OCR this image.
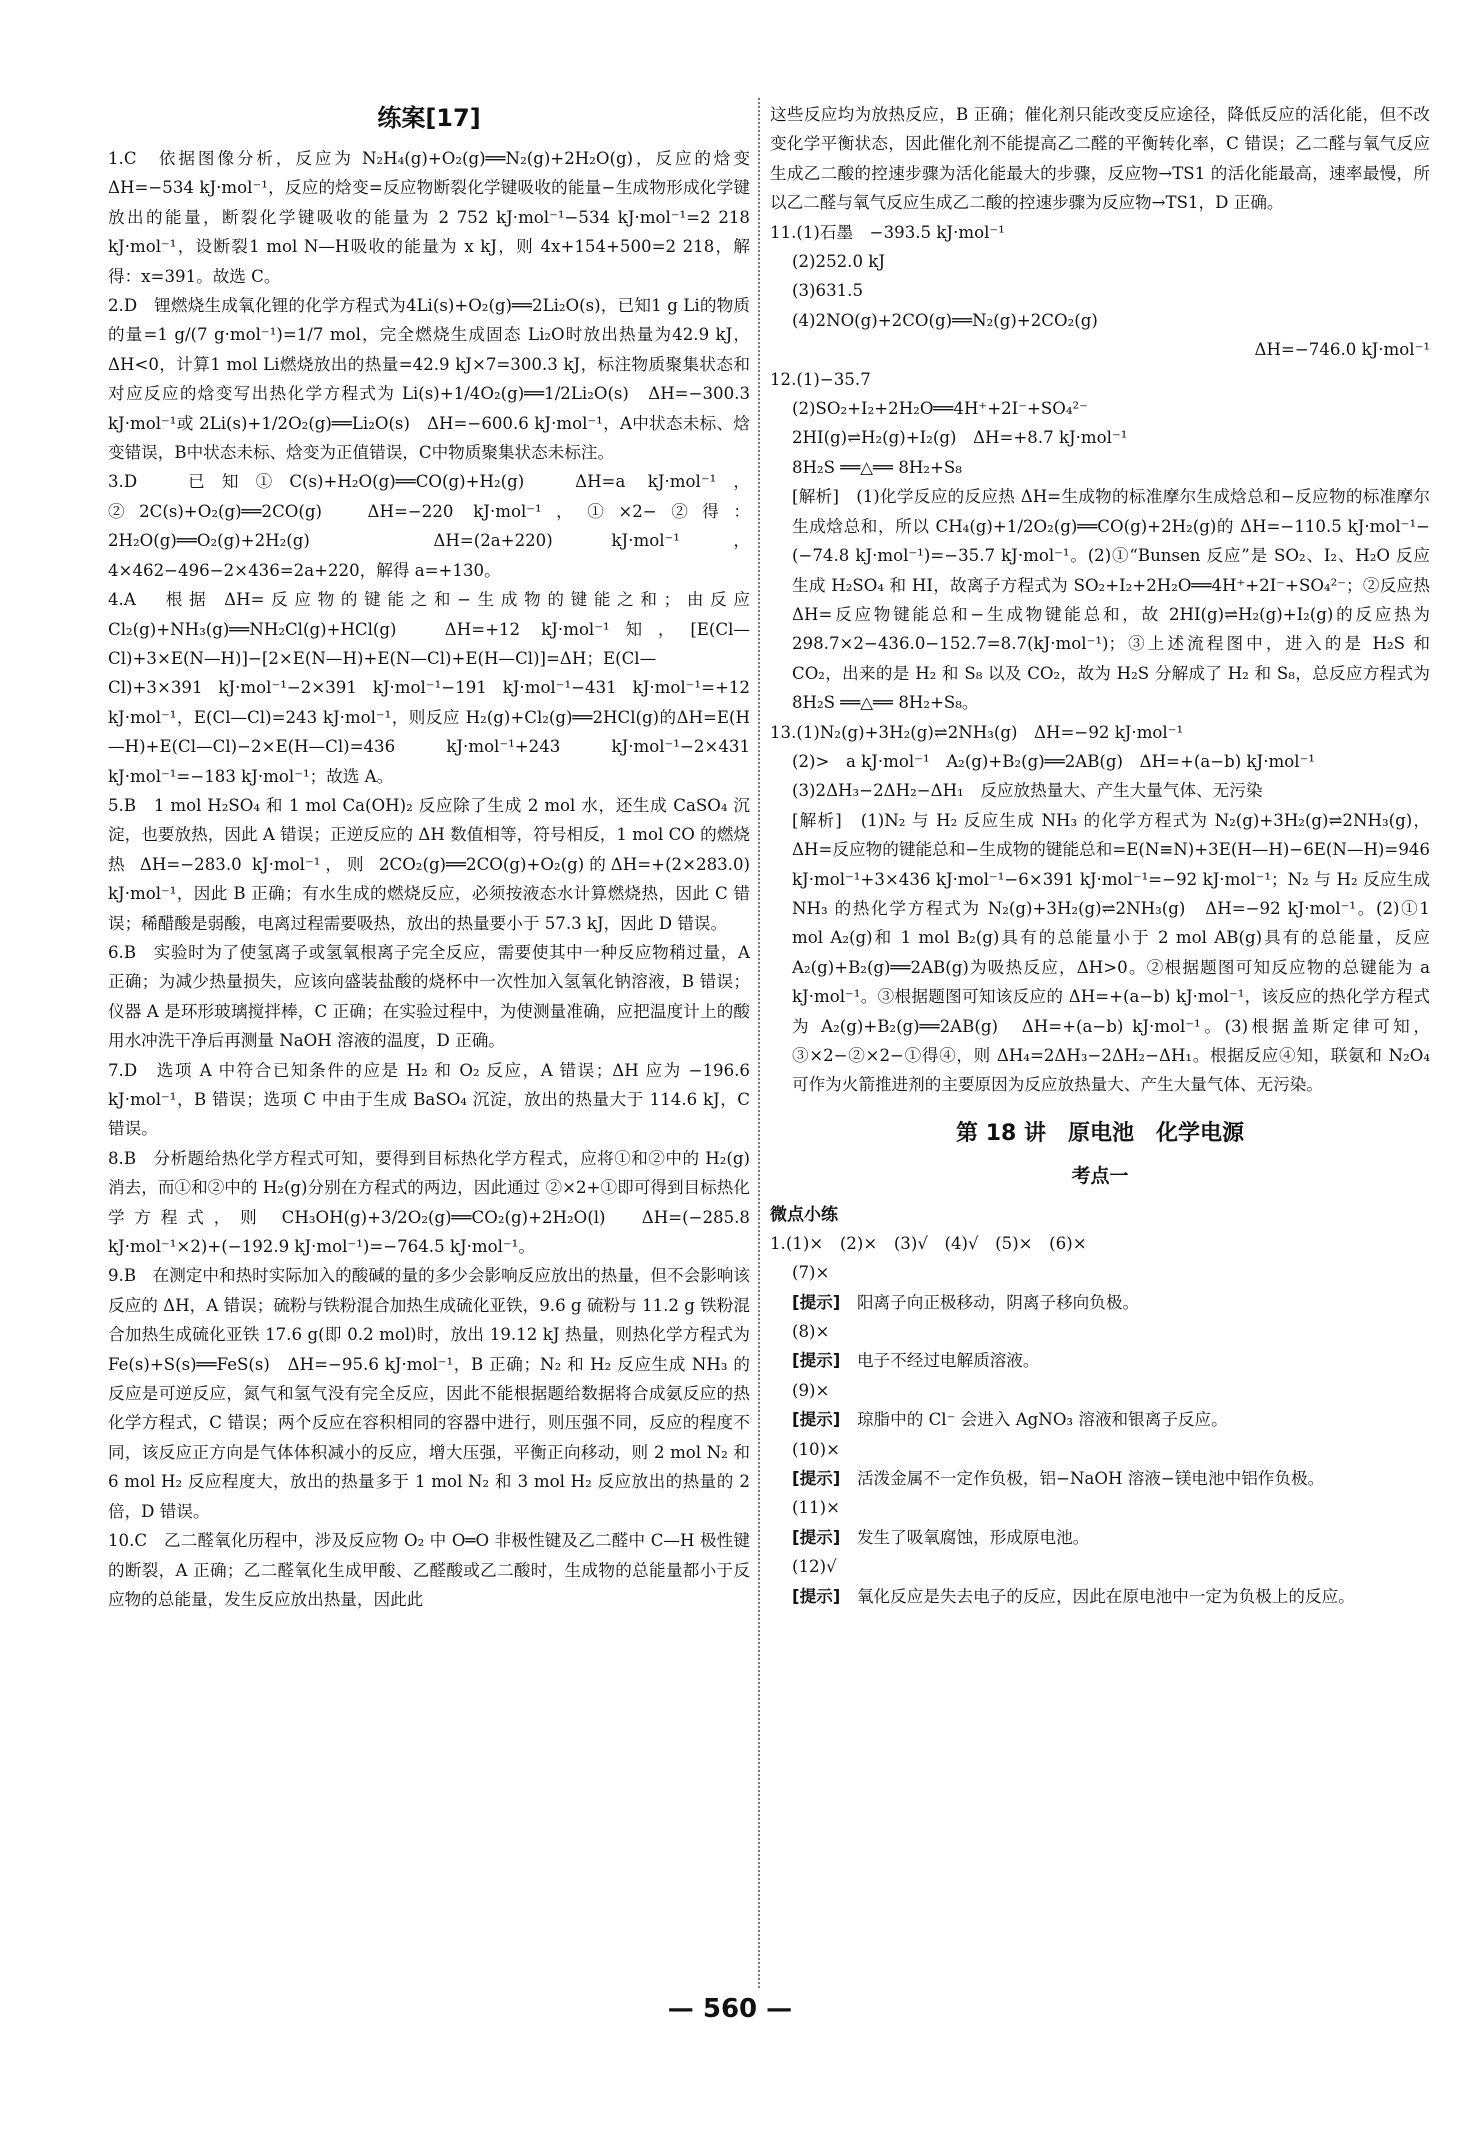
练案[17]

1.C　依据图像分析，反应为 N₂H₄(g)+O₂(g)══N₂(g)+2H₂O(g)，反应的焓变 ΔH=−534 kJ·mol⁻¹，反应的焓变=反应物断裂化学键吸收的能量−生成物形成化学键放出的能量，断裂化学键吸收的能量为 2 752 kJ·mol⁻¹−534 kJ·mol⁻¹=2 218 kJ·mol⁻¹，设断裂1 mol N—H吸收的能量为 x kJ，则 4x+154+500=2 218，解得：x=391。故选 C。

2.D　锂燃烧生成氧化锂的化学方程式为4Li(s)+O₂(g)══2Li₂O(s)，已知1 g Li的物质的量=1 g/(7 g·mol⁻¹)=1/7 mol，完全燃烧生成固态 Li₂O时放出热量为42.9 kJ，ΔH<0，计算1 mol Li燃烧放出的热量=42.9 kJ×7=300.3 kJ，标注物质聚集状态和对应反应的焓变写出热化学方程式为 Li(s)+1/4O₂(g)══1/2Li₂O(s)　ΔH=−300.3 kJ·mol⁻¹或 2Li(s)+1/2O₂(g)══Li₂O(s)　ΔH=−600.6 kJ·mol⁻¹，A中状态未标、焓变错误，B中状态未标、焓变为正值错误，C中物质聚集状态未标注。

3.D　已知①C(s)+H₂O(g)══CO(g)+H₂(g)　ΔH=a kJ·mol⁻¹，②2C(s)+O₂(g)══2CO(g)　ΔH=−220 kJ·mol⁻¹，①×2−②得：2H₂O(g)══O₂(g)+2H₂(g)　ΔH=(2a+220) kJ·mol⁻¹，4×462−496−2×436=2a+220，解得 a=+130。

4.A　根据 ΔH=反应物的键能之和−生成物的键能之和；由反应 Cl₂(g)+NH₃(g)══NH₂Cl(g)+HCl(g)　ΔH=+12 kJ·mol⁻¹知，[E(Cl—Cl)+3×E(N—H)]−[2×E(N—H)+E(N—Cl)+E(H—Cl)]=ΔH；E(Cl—Cl)+3×391 kJ·mol⁻¹−2×391 kJ·mol⁻¹−191 kJ·mol⁻¹−431 kJ·mol⁻¹=+12 kJ·mol⁻¹，E(Cl—Cl)=243 kJ·mol⁻¹，则反应 H₂(g)+Cl₂(g)══2HCl(g)的ΔH=E(H—H)+E(Cl—Cl)−2×E(H—Cl)=436 kJ·mol⁻¹+243 kJ·mol⁻¹−2×431 kJ·mol⁻¹=−183 kJ·mol⁻¹；故选 A。

5.B　1 mol H₂SO₄ 和 1 mol Ca(OH)₂ 反应除了生成 2 mol 水，还生成 CaSO₄ 沉淀，也要放热，因此 A 错误；正逆反应的 ΔH 数值相等，符号相反，1 mol CO 的燃烧热 ΔH=−283.0 kJ·mol⁻¹，则 2CO₂(g)══2CO(g)+O₂(g)的ΔH=+(2×283.0) kJ·mol⁻¹，因此 B 正确；有水生成的燃烧反应，必须按液态水计算燃烧热，因此 C 错误；稀醋酸是弱酸，电离过程需要吸热，放出的热量要小于 57.3 kJ，因此 D 错误。

6.B　实验时为了使氢离子或氢氧根离子完全反应，需要使其中一种反应物稍过量，A 正确；为减少热量损失，应该向盛装盐酸的烧杯中一次性加入氢氧化钠溶液，B 错误；仪器 A 是环形玻璃搅拌棒，C 正确；在实验过程中，为使测量准确，应把温度计上的酸用水冲洗干净后再测量 NaOH 溶液的温度，D 正确。

7.D　选项 A 中符合已知条件的应是 H₂ 和 O₂ 反应，A 错误；ΔH 应为 −196.6 kJ·mol⁻¹，B 错误；选项 C 中由于生成 BaSO₄ 沉淀，放出的热量大于 114.6 kJ，C 错误。

8.B　分析题给热化学方程式可知，要得到目标热化学方程式，应将①和②中的 H₂(g)消去，而①和②中的 H₂(g)分别在方程式的两边，因此通过 ②×2+①即可得到目标热化学方程式，则 CH₃OH(g)+3/2O₂(g)══CO₂(g)+2H₂O(l)　ΔH=(−285.8 kJ·mol⁻¹×2)+(−192.9 kJ·mol⁻¹)=−764.5 kJ·mol⁻¹。

9.B　在测定中和热时实际加入的酸碱的量的多少会影响反应放出的热量，但不会影响该反应的 ΔH，A 错误；硫粉与铁粉混合加热生成硫化亚铁，9.6 g 硫粉与 11.2 g 铁粉混合加热生成硫化亚铁 17.6 g(即 0.2 mol)时，放出 19.12 kJ 热量，则热化学方程式为 Fe(s)+S(s)══FeS(s)　ΔH=−95.6 kJ·mol⁻¹，B 正确；N₂ 和 H₂ 反应生成 NH₃ 的反应是可逆反应，氮气和氢气没有完全反应，因此不能根据题给数据将合成氨反应的热化学方程式，C 错误；两个反应在容积相同的容器中进行，则压强不同，反应的程度不同，该反应正方向是气体体积减小的反应，增大压强，平衡正向移动，则 2 mol N₂ 和 6 mol H₂ 反应程度大，放出的热量多于 1 mol N₂ 和 3 mol H₂ 反应放出的热量的 2 倍，D 错误。

10.C　乙二醛氧化历程中，涉及反应物 O₂ 中 O═O 非极性键及乙二醛中 C—H 极性键的断裂，A 正确；乙二醛氧化生成甲酸、乙醛酸或乙二酸时，生成物的总能量都小于反应物的总能量，发生反应放出热量，因此此

这些反应均为放热反应，B 正确；催化剂只能改变反应途径，降低反应的活化能，但不改变化学平衡状态，因此催化剂不能提高乙二醛的平衡转化率，C 错误；乙二醛与氧气反应生成乙二酸的控速步骤为活化能最大的步骤，反应物→TS1 的活化能最高，速率最慢，所以乙二醛与氧气反应生成乙二酸的控速步骤为反应物→TS1，D 正确。

11.(1)石墨　−393.5 kJ·mol⁻¹

(2)252.0 kJ

(3)631.5

(4)2NO(g)+2CO(g)══N₂(g)+2CO₂(g)

ΔH=−746.0 kJ·mol⁻¹

12.(1)−35.7

(2)SO₂+I₂+2H₂O══4H⁺+2I⁻+SO₄²⁻

2HI(g)⇌H₂(g)+I₂(g)　ΔH=+8.7 kJ·mol⁻¹

8H₂S ══△══ 8H₂+S₈

[解析]　(1)化学反应的反应热 ΔH=生成物的标准摩尔生成焓总和−反应物的标准摩尔生成焓总和，所以 CH₄(g)+1/2O₂(g)══CO(g)+2H₂(g)的 ΔH=−110.5 kJ·mol⁻¹−(−74.8 kJ·mol⁻¹)=−35.7 kJ·mol⁻¹。(2)①“Bunsen 反应”是 SO₂、I₂、H₂O 反应生成 H₂SO₄ 和 HI，故离子方程式为 SO₂+I₂+2H₂O══4H⁺+2I⁻+SO₄²⁻；②反应热 ΔH=反应物键能总和−生成物键能总和，故 2HI(g)⇌H₂(g)+I₂(g)的反应热为 298.7×2−436.0−152.7=8.7(kJ·mol⁻¹)；③上述流程图中，进入的是 H₂S 和 CO₂，出来的是 H₂ 和 S₈ 以及 CO₂，故为 H₂S 分解成了 H₂ 和 S₈，总反应方程式为 8H₂S ══△══ 8H₂+S₈。

13.(1)N₂(g)+3H₂(g)⇌2NH₃(g)　ΔH=−92 kJ·mol⁻¹

(2)>　a kJ·mol⁻¹　A₂(g)+B₂(g)══2AB(g)　ΔH=+(a−b) kJ·mol⁻¹

(3)2ΔH₃−2ΔH₂−ΔH₁　反应放热量大、产生大量气体、无污染

[解析]　(1)N₂ 与 H₂ 反应生成 NH₃ 的化学方程式为 N₂(g)+3H₂(g)⇌2NH₃(g)，ΔH=反应物的键能总和−生成物的键能总和=E(N≡N)+3E(H—H)−6E(N—H)=946 kJ·mol⁻¹+3×436 kJ·mol⁻¹−6×391 kJ·mol⁻¹=−92 kJ·mol⁻¹；N₂ 与 H₂ 反应生成 NH₃ 的热化学方程式为 N₂(g)+3H₂(g)⇌2NH₃(g)　ΔH=−92 kJ·mol⁻¹。(2)①1 mol A₂(g)和 1 mol B₂(g)具有的总能量小于 2 mol AB(g)具有的总能量，反应 A₂(g)+B₂(g)══2AB(g)为吸热反应，ΔH>0。②根据题图可知反应物的总键能为 a kJ·mol⁻¹。③根据题图可知该反应的 ΔH=+(a−b) kJ·mol⁻¹，该反应的热化学方程式为 A₂(g)+B₂(g)══2AB(g)　ΔH=+(a−b) kJ·mol⁻¹。(3)根据盖斯定律可知，③×2−②×2−①得④，则 ΔH₄=2ΔH₃−2ΔH₂−ΔH₁。根据反应④知，联氨和 N₂O₄ 可作为火箭推进剂的主要原因为反应放热量大、产生大量气体、无污染。

第 18 讲　原电池　化学电源
考点一
微点小练

1.(1)×　(2)×　(3)√　(4)√　(5)×　(6)×

(7)×

[提示]　 阳离子向正极移动，阴离子移向负极。

(8)×

[提示]　 电子不经过电解质溶液。

(9)×

[提示]　 琼脂中的 Cl⁻ 会进入 AgNO₃ 溶液和银离子反应。

(10)×

[提示]　 活泼金属不一定作负极，铝−NaOH 溶液−镁电池中铝作负极。

(11)×

[提示]　 发生了吸氧腐蚀，形成原电池。

(12)√

[提示]　 氧化反应是失去电子的反应，因此在原电池中一定为负极上的反应。

— 560 —
